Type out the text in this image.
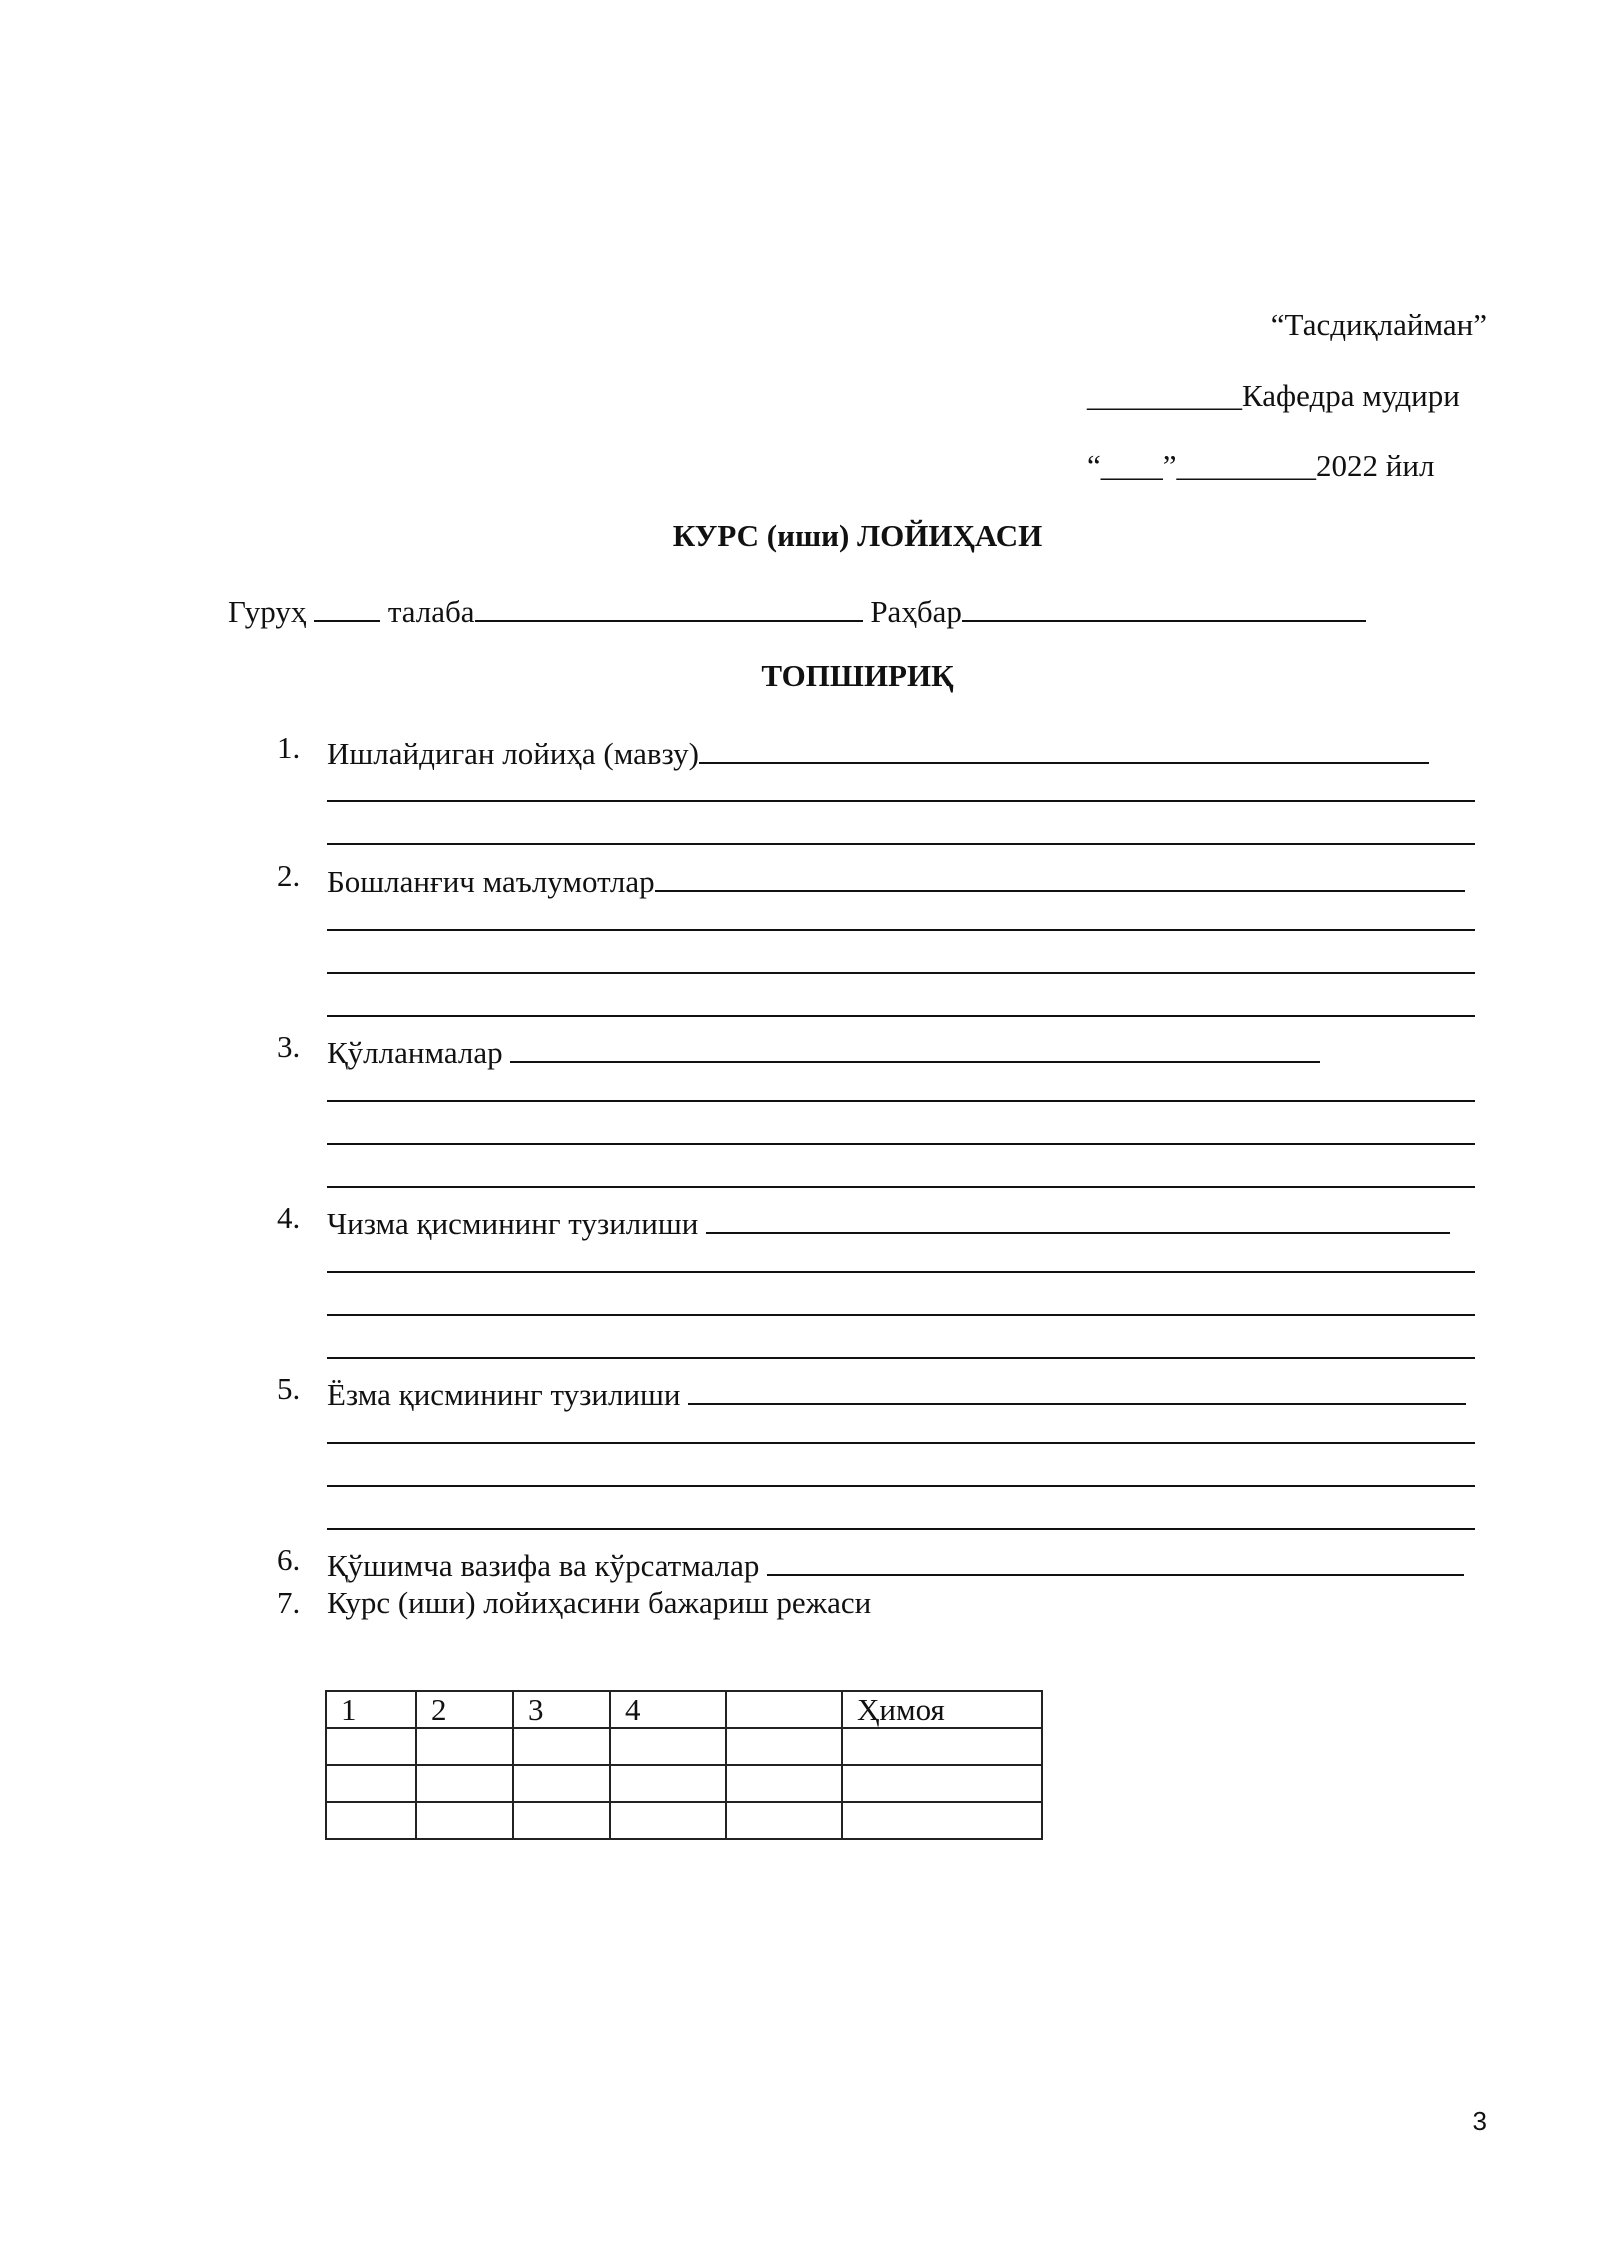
“Тасдиқлайман”
__________Кафедра мудири
“____”_________2022 йил
КУРС (иши) ЛОЙИҲАСИ
Гуруҳ	талаба	Раҳбар
ТОПШИРИҚ
1. Ишлайдиган лойиҳа (мавзу)
2. Бошланғич маълумотлар
3. Қўлланмалар
4. Чизма қисмининг тузилиши
5. Ёзма қисмининг тузилиши
6. Қўшимча вазифа ва кўрсатмалар
7. Курс (иши) лойиҳасини бажариш режаси
1	2	3	4		Ҳимоя

3
